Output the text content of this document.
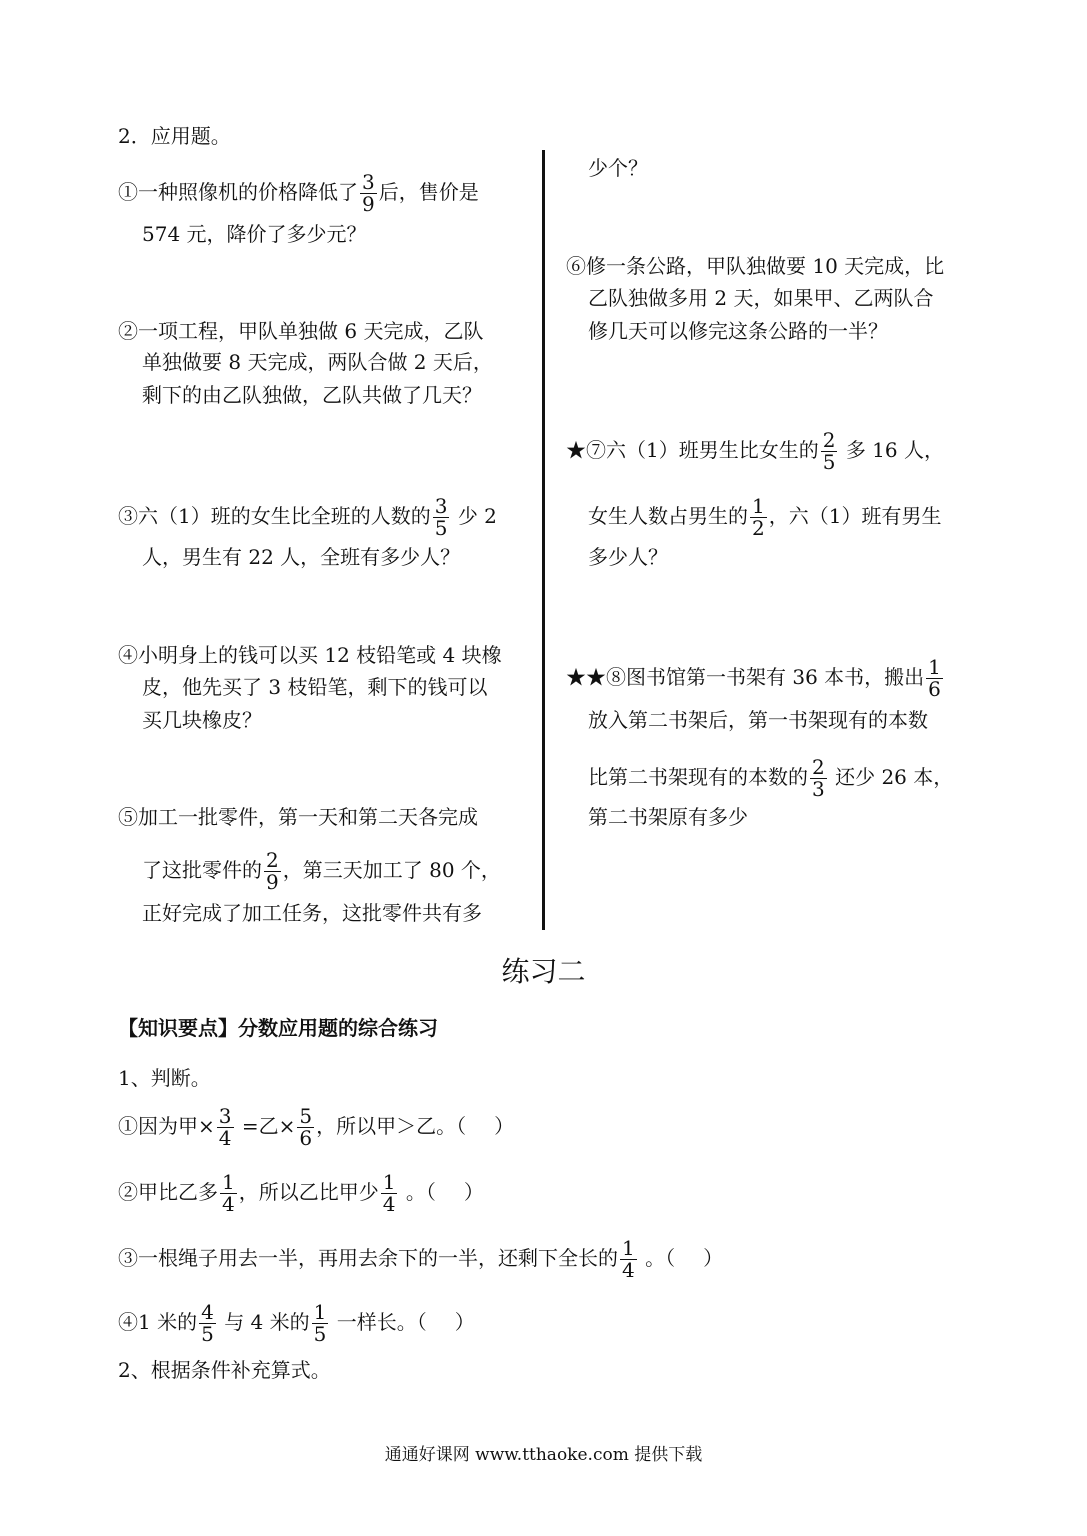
2．应用题。
①一种照像机的价格降低了 $\frac{3}{9}$ 后，售价是
574 元，降价了多少元？
②一项工程，甲队单独做 6 天完成，乙队
单独做要 8 天完成，两队合做 2 天后，
剩下的由乙队独做，乙队共做了几天？
③六（1）班的女生比全班的人数的 $\frac{3}{5}$ 少 2
人，男生有 22 人，全班有多少人？
④小明身上的钱可以买 12 枝铅笔或 4 块橡
皮，他先买了 3 枝铅笔，剩下的钱可以
买几块橡皮？
⑤加工一批零件，第一天和第二天各完成
了这批零件的 $\frac{2}{9}$ ，第三天加工了 80 个，
正好完成了加工任务，这批零件共有多
少个？
⑥修一条公路，甲队独做要 10 天完成，比
乙队独做多用 2 天，如果甲、乙两队合
修几天可以修完这条公路的一半？
★⑦六（1）班男生比女生的 $\frac{2}{5}$ 多 16 人，
女生人数占男生的 $\frac{1}{2}$ ，六（1）班有男生
多少人？
★★⑧图书馆第一书架有 36 本书，搬出 $\frac{1}{6}$
放入第二书架后，第一书架现有的本数
比第二书架现有的本数的 $\frac{2}{3}$ 还少 26 本，
第二书架原有多少
练习二
【知识要点】分数应用题的综合练习
1、判断。
①因为甲× $\frac{3}{4}$ =乙× $\frac{5}{6}$ ，所以甲＞乙。（ ）
②甲比乙多 $\frac{1}{4}$ ，所以乙比甲少 $\frac{1}{4}$ 。（ ）
③一根绳子用去一半，再用去余下的一半，还剩下全长的 $\frac{1}{4}$ 。（ ）
④1 米的 $\frac{4}{5}$ 与 4 米的 $\frac{1}{5}$ 一样长。（ ）
2、根据条件补充算式。
通通好课网 www.tthaoke.com 提供下载
